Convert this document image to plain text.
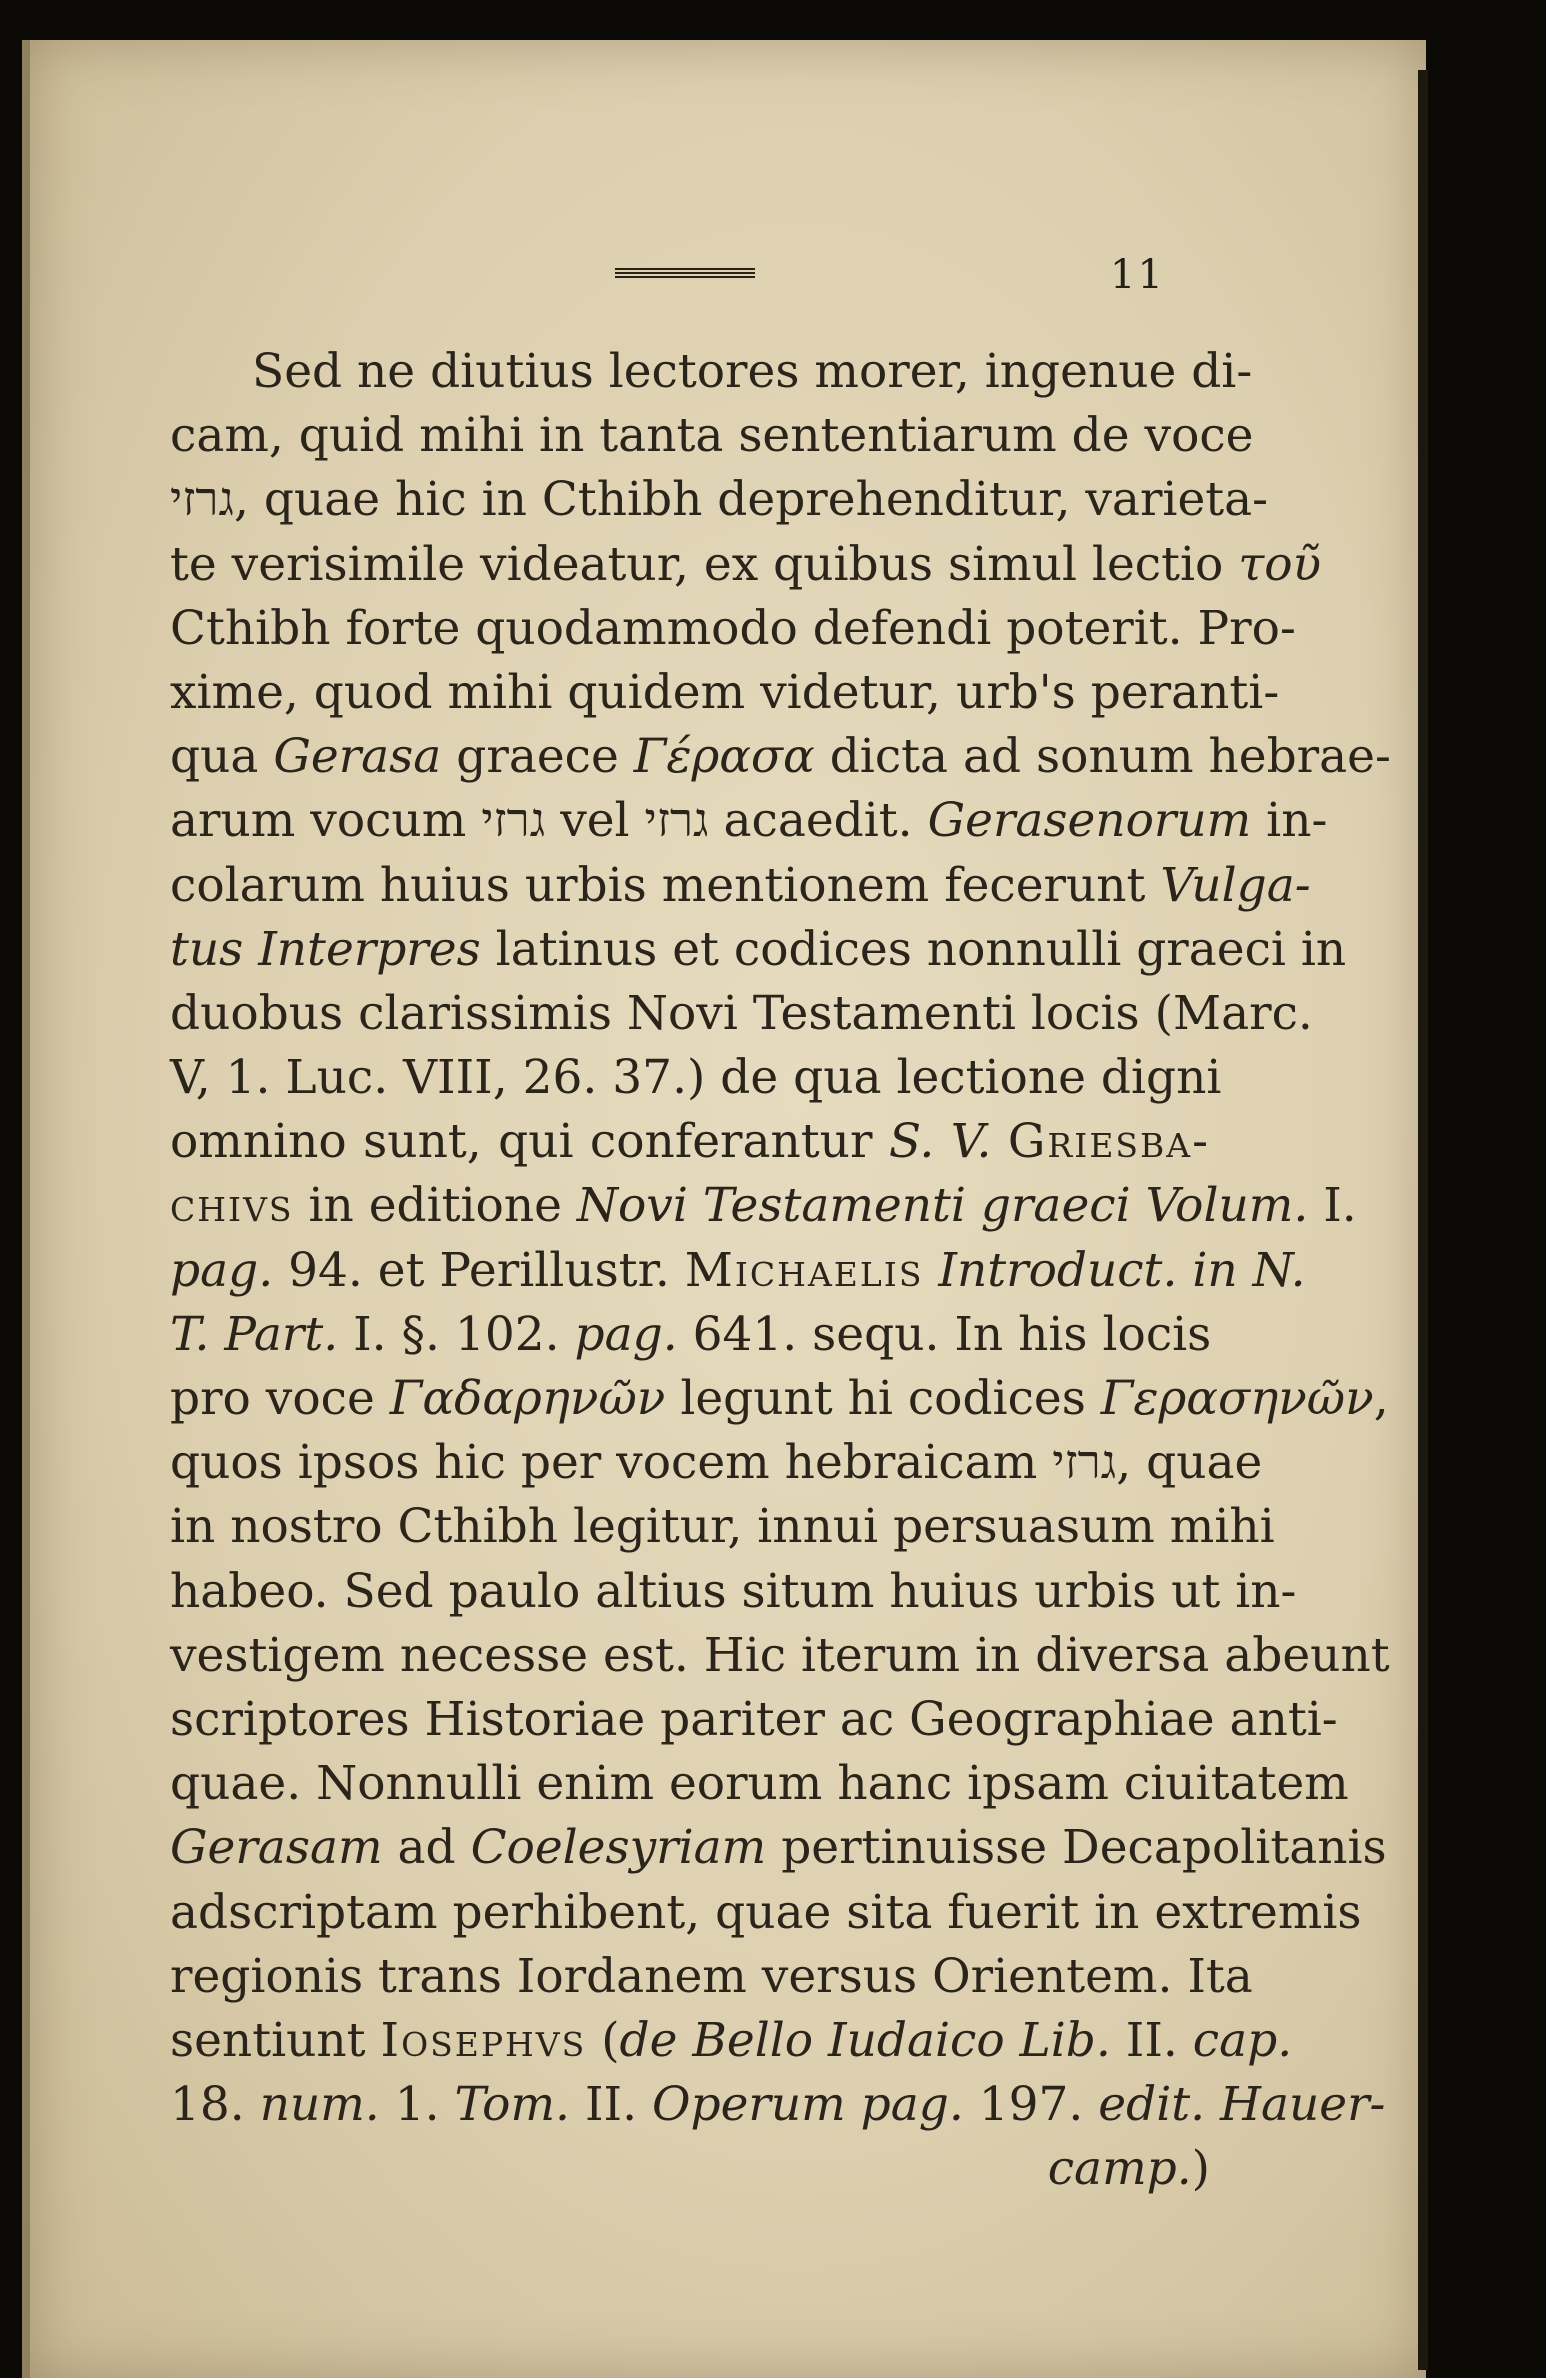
11
Sed ne diutius lectores morer, ingenue di-
cam, quid mihi in tanta sententiarum de voce
גרזי, quae hic in Cthibh deprehenditur, varieta-
te verisimile videatur, ex quibus simul lectio τοῦ
Cthibh forte quodammodo defendi poterit. Pro-
xime, quod mihi quidem videtur, urb's peranti-
qua Gerasa graece Γέρασα dicta ad sonum hebrae-
arum vocum גרזי vel גרזי acaedit. Gerasenorum in-
colarum huius urbis mentionem fecerunt Vulga-
tus Interpres latinus et codices nonnulli graeci in
duobus clarissimis Novi Testamenti locis (Marc.
V, 1. Luc. VIII, 26. 37.) de qua lectione digni
omnino sunt, qui conferantur S. V. Griesba-
chivs in editione Novi Testamenti graeci Volum. I.
pag. 94. et Perillustr. Michaelis Introduct. in N.
T. Part. I. §. 102. pag. 641. sequ. In his locis
pro voce Γαδαρηνῶν legunt hi codices Γερασηνῶν,
quos ipsos hic per vocem hebraicam גרזי, quae
in nostro Cthibh legitur, innui persuasum mihi
habeo. Sed paulo altius situm huius urbis ut in-
vestigem necesse est. Hic iterum in diversa abeunt
scriptores Historiae pariter ac Geographiae anti-
quae. Nonnulli enim eorum hanc ipsam ciuitatem
Gerasam ad Coelesyriam pertinuisse Decapolitanis
adscriptam perhibent, quae sita fuerit in extremis
regionis trans Iordanem versus Orientem. Ita
sentiunt Iosephvs (de Bello Iudaico Lib. II. cap.
18. num. 1. Tom. II. Operum pag. 197. edit. Hauer-
camp.)
